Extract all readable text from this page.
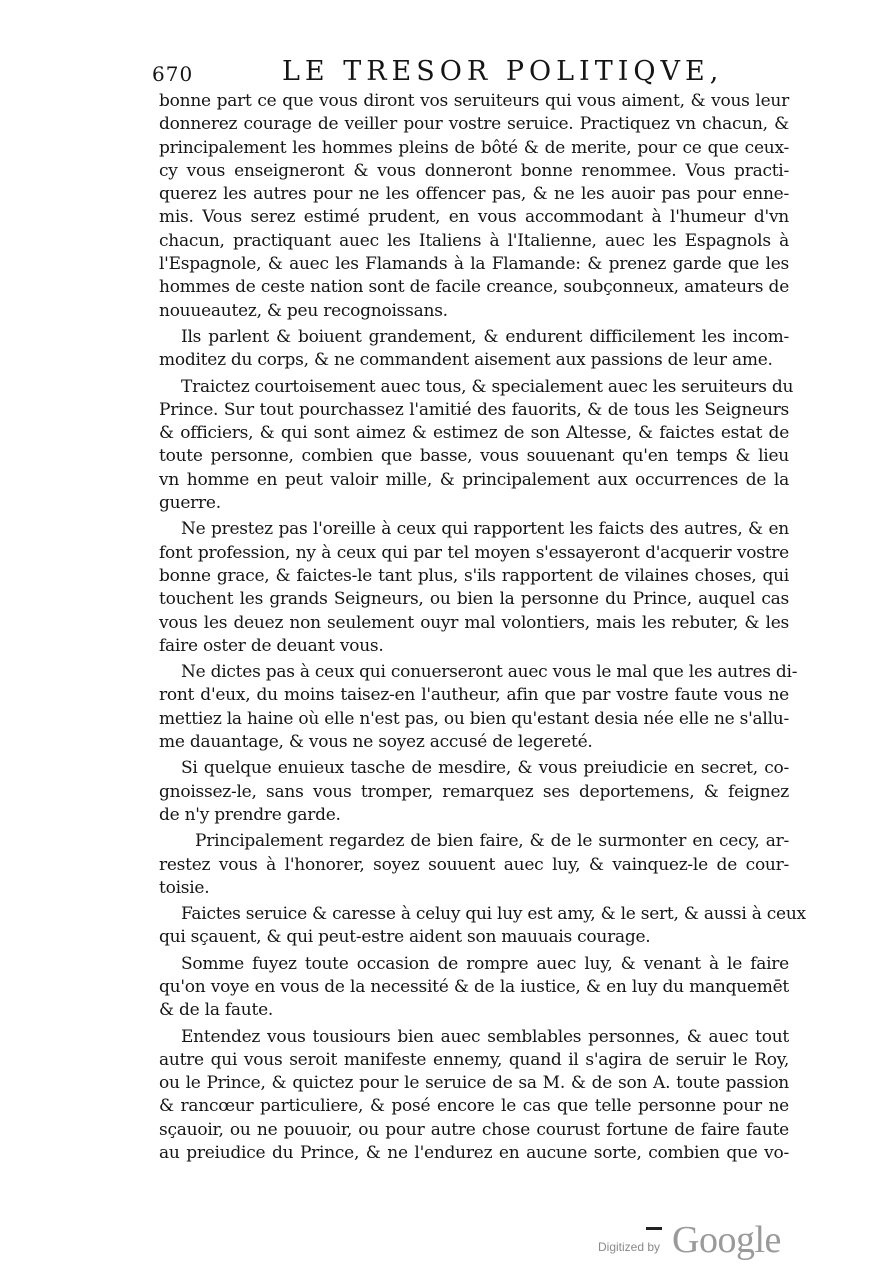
670	LE TRESOR POLITIQVE,
bonne part ce que vous diront vos seruiteurs qui vous aiment, & vous leur
donnerez courage de veiller pour vostre seruice. Practiquez vn chacun, &
principalement les hommes pleins de bôté & de merite, pour ce que ceux-
cy vous enseigneront & vous donneront bonne renommee. Vous practi-
querez les autres pour ne les offencer pas, & ne les auoir pas pour enne-
mis. Vous serez estimé prudent, en vous accommodant à l'humeur d'vn
chacun, practiquant auec les Italiens à l'Italienne, auec les Espagnols à
l'Espagnole, & auec les Flamands à la Flamande: & prenez garde que les
hommes de ceste nation sont de facile creance, soubçonneux, amateurs de
nouueautez, & peu recognoissans.
Ils parlent & boiuent grandement, & endurent difficilement les incom-
moditez du corps, & ne commandent aisement aux passions de leur ame.
Traictez courtoisement auec tous, & specialement auec les seruiteurs du
Prince. Sur tout pourchassez l'amitié des fauorits, & de tous les Seigneurs
& officiers, & qui sont aimez & estimez de son Altesse, & faictes estat de
toute personne, combien que basse, vous souuenant qu'en temps & lieu
vn homme en peut valoir mille, & principalement aux occurrences de la
guerre.
Ne prestez pas l'oreille à ceux qui rapportent les faicts des autres, & en
font profession, ny à ceux qui par tel moyen s'essayeront d'acquerir vostre
bonne grace, & faictes-le tant plus, s'ils rapportent de vilaines choses, qui
touchent les grands Seigneurs, ou bien la personne du Prince, auquel cas
vous les deuez non seulement ouyr mal volontiers, mais les rebuter, & les
faire oster de deuant vous.
Ne dictes pas à ceux qui conuerseront auec vous le mal que les autres di-
ront d'eux, du moins taisez-en l'autheur, afin que par vostre faute vous ne
mettiez la haine où elle n'est pas, ou bien qu'estant desia née elle ne s'allu-
me dauantage, & vous ne soyez accusé de legereté.
Si quelque enuieux tasche de mesdire, & vous preiudicie en secret, co-
gnoissez-le, sans vous tromper, remarquez ses deportemens, & feignez
de n'y prendre garde.
Principalement regardez de bien faire, & de le surmonter en cecy, ar-
restez vous à l'honorer, soyez souuent auec luy, & vainquez-le de cour-
toisie.
Faictes seruice & caresse à celuy qui luy est amy, & le sert, & aussi à ceux
qui sçauent, & qui peut-estre aident son mauuais courage.
Somme fuyez toute occasion de rompre auec luy, & venant à le faire
qu'on voye en vous de la necessité & de la iustice, & en luy du manquemēt
& de la faute.
Entendez vous tousiours bien auec semblables personnes, & auec tout
autre qui vous seroit manifeste ennemy, quand il s'agira de seruir le Roy,
ou le Prince, & quictez pour le seruice de sa M. & de son A. toute passion
& rancœur particuliere, & posé encore le cas que telle personne pour ne
sçauoir, ou ne pouuoir, ou pour autre chose courust fortune de faire faute
au preiudice du Prince, & ne l'endurez en aucune sorte, combien que vo-
Digitized by Google
